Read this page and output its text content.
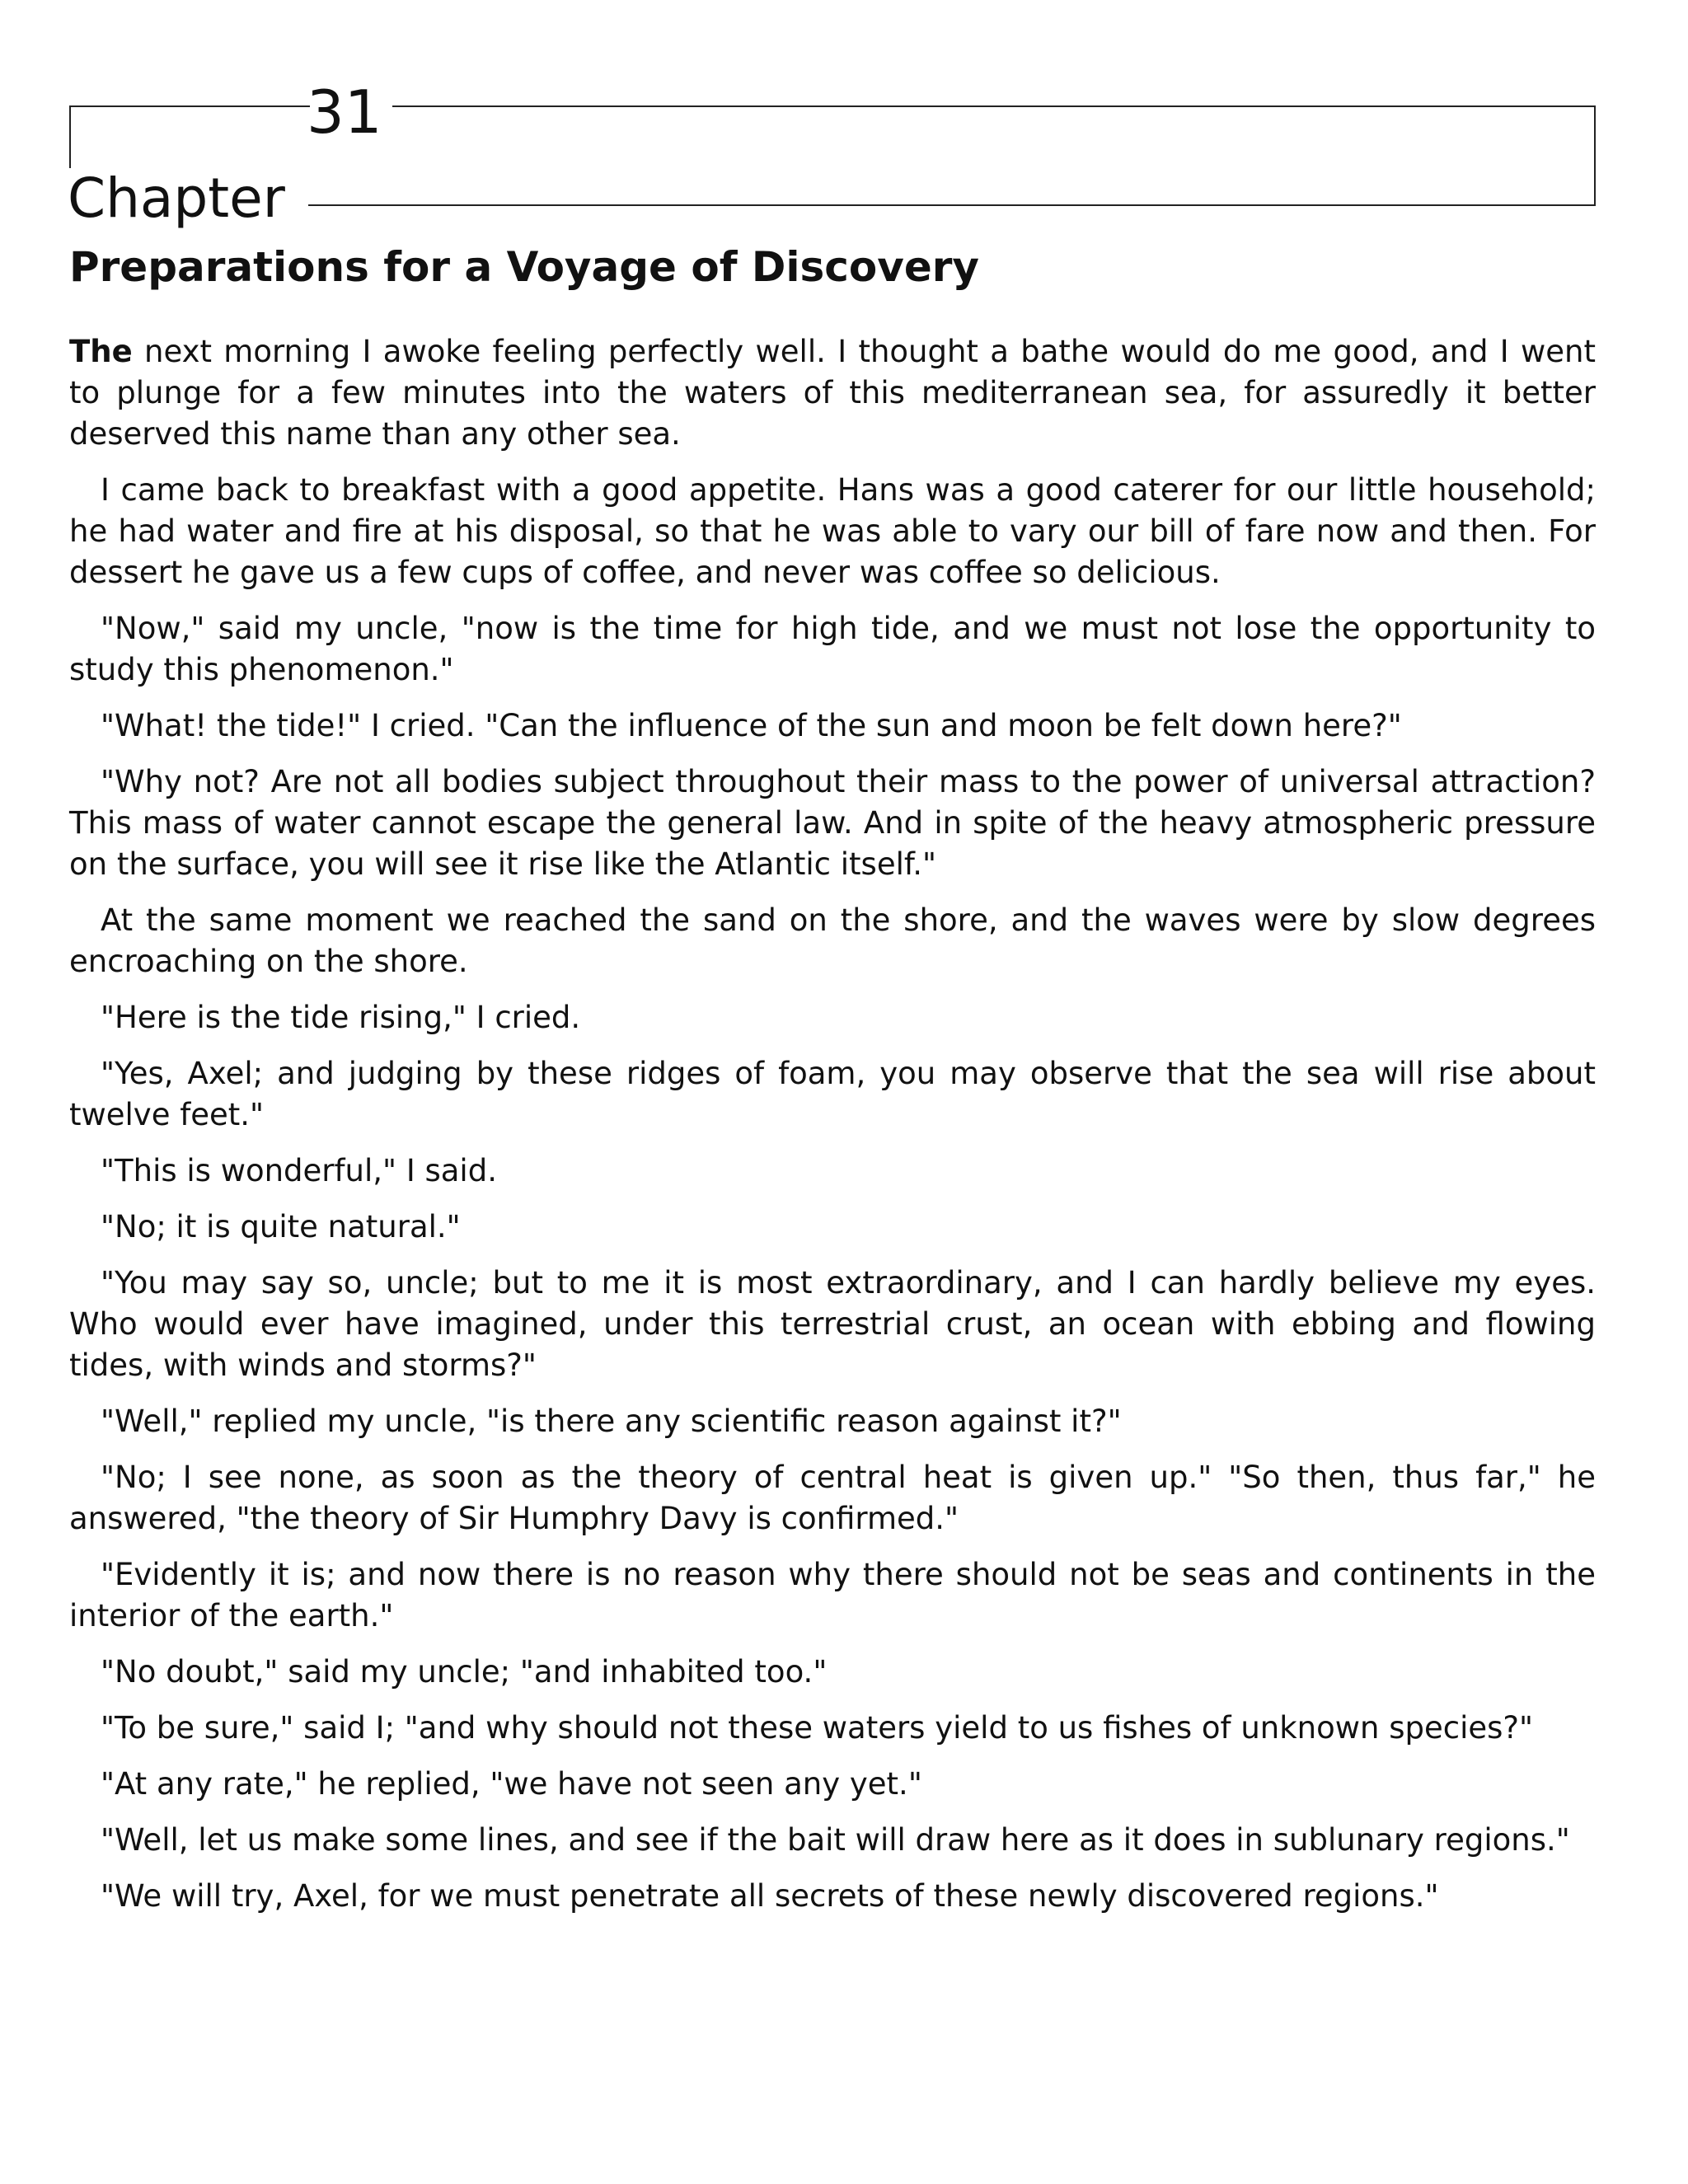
31
Chapter
Preparations for a Voyage of Discovery

The next morning I awoke feeling perfectly well. I thought a bathe would do me good, and I went to plunge for a few minutes into the waters of this mediterranean sea, for assuredly it better deserved this name than any other sea.

I came back to breakfast with a good appetite. Hans was a good caterer for our little household; he had water and fire at his disposal, so that he was able to vary our bill of fare now and then. For dessert he gave us a few cups of coffee, and never was coffee so delicious.

"Now," said my uncle, "now is the time for high tide, and we must not lose the opportunity to study this phenomenon."

"What! the tide!" I cried. "Can the influence of the sun and moon be felt down here?"

"Why not? Are not all bodies subject throughout their mass to the power of universal attraction? This mass of water cannot escape the general law. And in spite of the heavy atmospheric pressure on the surface, you will see it rise like the Atlantic itself."

At the same moment we reached the sand on the shore, and the waves were by slow degrees encroaching on the shore.

"Here is the tide rising," I cried.

"Yes, Axel; and judging by these ridges of foam, you may observe that the sea will rise about twelve feet."

"This is wonderful," I said.

"No; it is quite natural."

"You may say so, uncle; but to me it is most extraordinary, and I can hardly believe my eyes. Who would ever have imagined, under this terrestrial crust, an ocean with ebbing and flowing tides, with winds and storms?"

"Well," replied my uncle, "is there any scientific reason against it?"

"No; I see none, as soon as the theory of central heat is given up." "So then, thus far," he answered, "the theory of Sir Humphry Davy is confirmed."

"Evidently it is; and now there is no reason why there should not be seas and continents in the interior of the earth."

"No doubt," said my uncle; "and inhabited too."

"To be sure," said I; "and why should not these waters yield to us fishes of unknown species?"

"At any rate," he replied, "we have not seen any yet."

"Well, let us make some lines, and see if the bait will draw here as it does in sublunary regions."

"We will try, Axel, for we must penetrate all secrets of these newly discovered regions."
